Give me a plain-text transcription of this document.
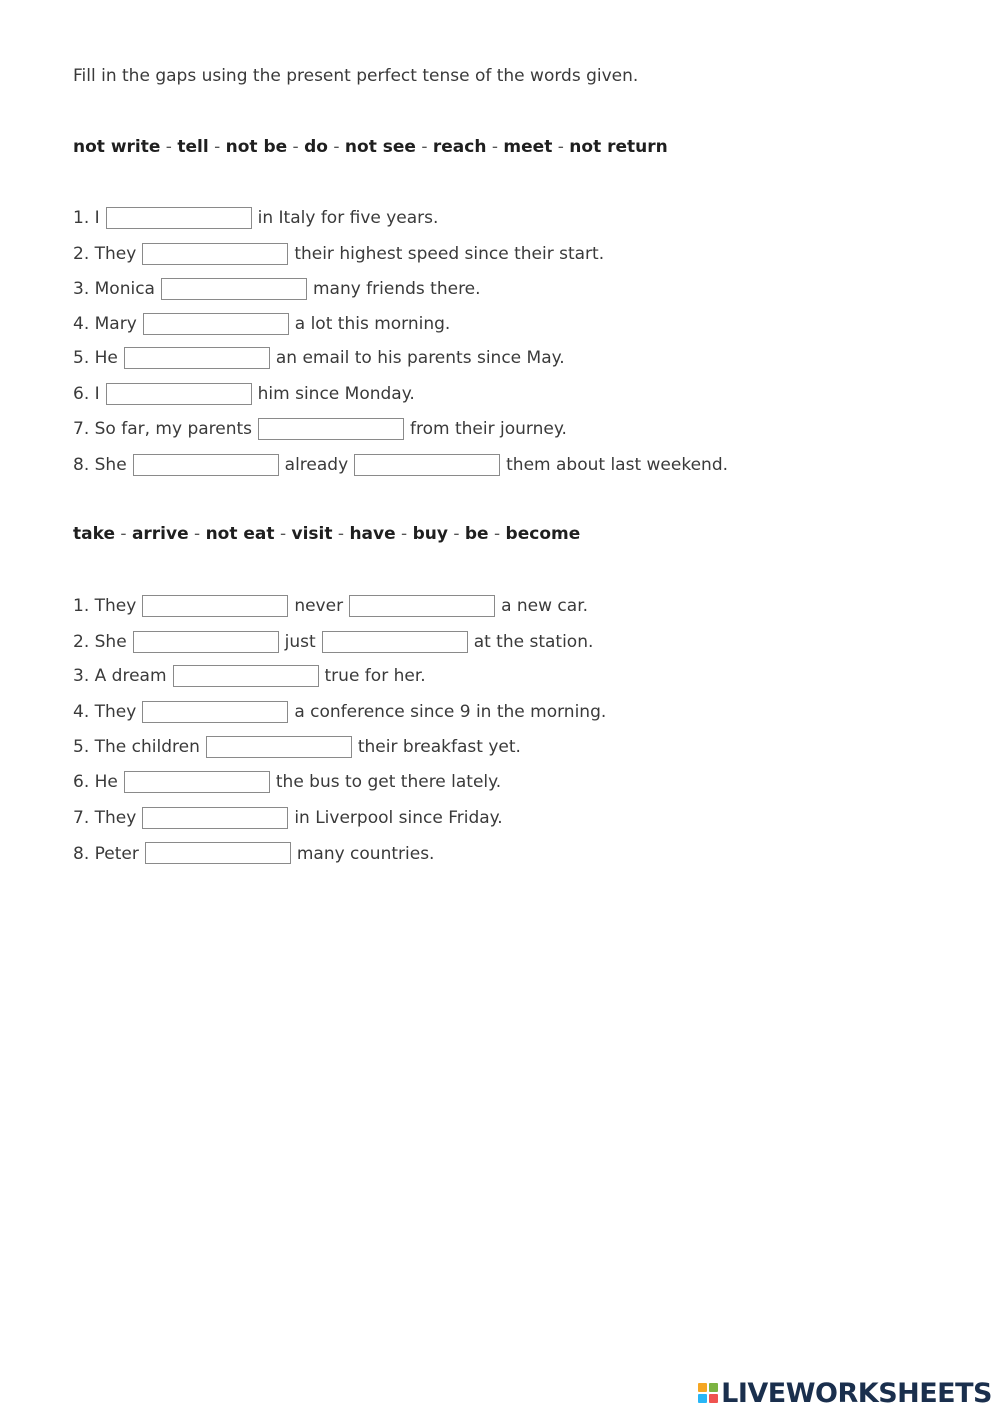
Fill in the gaps using the present perfect tense of the words given.
not write - tell - not be - do - not see - reach - meet - not return
1. I	in Italy for five years.
2. They	their highest speed since their start.
3. Monica	many friends there.
4. Mary	a lot this morning.
5. He	an email to his parents since May.
6. I	him since Monday.
7. So far, my parents	from their journey.
8. She	already	them about last weekend.
take - arrive - not eat - visit - have - buy - be - become
1. They	never	a new car.
2. She	just	at the station.
3. A dream	true for her.
4. They	a conference since 9 in the morning.
5. The children	their breakfast yet.
6. He	the bus to get there lately.
7. They	in Liverpool since Friday.
8. Peter	many countries.
LIVEWORKSHEETS
